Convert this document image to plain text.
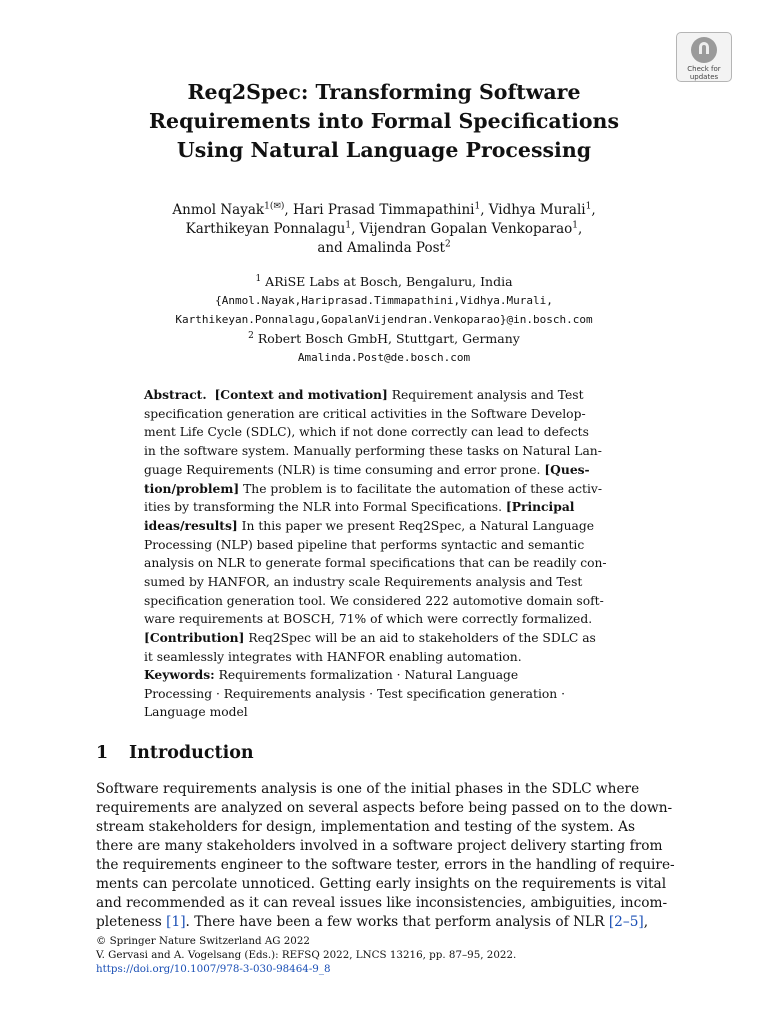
Check for
updates
Req2Spec: Transforming Software
Requirements into Formal Specifications
Using Natural Language Processing
Anmol Nayak$^{1(✉)}$, Hari Prasad Timmapathini$^1$, Vidhya Murali$^1$,
Karthikeyan Ponnalagu$^1$, Vijendran Gopalan Venkoparao$^1$,
and Amalinda Post$^2$
$^1$ ARiSE Labs at Bosch, Bengaluru, India
{Anmol.Nayak,Hariprasad.Timmapathini,Vidhya.Murali,
Karthikeyan.Ponnalagu,GopalanVijendran.Venkoparao}@in.bosch.com
$^2$ Robert Bosch GmbH, Stuttgart, Germany
Amalinda.Post@de.bosch.com
Abstract. [Context and motivation] Requirement analysis and Test
specification generation are critical activities in the Software Develop-
ment Life Cycle (SDLC), which if not done correctly can lead to defects
in the software system. Manually performing these tasks on Natural Lan-
guage Requirements (NLR) is time consuming and error prone. [Ques-
tion/problem] The problem is to facilitate the automation of these activ-
ities by transforming the NLR into Formal Specifications. [Principal
ideas/results] In this paper we present Req2Spec, a Natural Language
Processing (NLP) based pipeline that performs syntactic and semantic
analysis on NLR to generate formal specifications that can be readily con-
sumed by HANFOR, an industry scale Requirements analysis and Test
specification generation tool. We considered 222 automotive domain soft-
ware requirements at BOSCH, 71% of which were correctly formalized.
[Contribution] Req2Spec will be an aid to stakeholders of the SDLC as
it seamlessly integrates with HANFOR enabling automation.
Keywords: Requirements formalization · Natural Language
Processing · Requirements analysis · Test specification generation ·
Language model
1 Introduction
Software requirements analysis is one of the initial phases in the SDLC where
requirements are analyzed on several aspects before being passed on to the down-
stream stakeholders for design, implementation and testing of the system. As
there are many stakeholders involved in a software project delivery starting from
the requirements engineer to the software tester, errors in the handling of require-
ments can percolate unnoticed. Getting early insights on the requirements is vital
and recommended as it can reveal issues like inconsistencies, ambiguities, incom-
pleteness [1]. There have been a few works that perform analysis of NLR [2–5],
© Springer Nature Switzerland AG 2022
V. Gervasi and A. Vogelsang (Eds.): REFSQ 2022, LNCS 13216, pp. 87–95, 2022.
https://doi.org/10.1007/978-3-030-98464-9_8
